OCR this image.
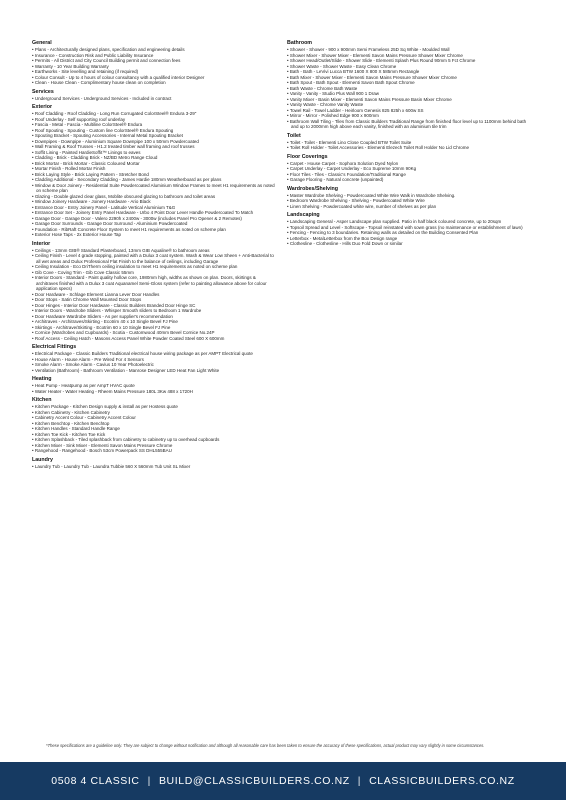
General
• Plans - Architecturally designed plans, specification and engineering details
• Insurance - Construction Risk and Public Liability Insurance
• Permits - All District and City Council Building permit and connection fees
• Warranty - 10 Year Building Warranty
• Earthworks - Site levelling and retaining (if required)
• Colour Consult - Up to 4 hours of colour consultancy with a qualified interior Designer
• Clean - House Clean - Complimentary house clean on completion
Services
• Underground Services - Underground Services - Included in contract
Exterior
• Roof Cladding - Roof Cladding - Long Run Corrugated ColorSteel® Endura 3-29"
• Roof Underlay - Self supporting roof underlay
• Fascia - Metal - Fascia - Multiline ColorSteel® Endura
• Roof Spouting - Spouting - Custom line ColorSteel® Endura Spouting
• Spouting Bracket - Spouting Accessories - Internal Metal Spouting Bracket
• Downpipes - Downpipe - Aluminium Square Downpipe 100 x 50mm Powdercoated
• Wall Framing & Roof Trusses - H1.2 treated timber wall framing and roof trusses
• Soffit Lining - Painted HardieSoffit™ Linings to eaves
• Cladding - Brick - Cladding Brick - NZ/BD Metro Range Cloud
• Brick Mortar - Brick Mortar - Classic Coloured Mortar
• Mortar Finish - Rolled Mortar Finish
• Brick Laying Style - Brick Laying Pattern - Stretcher Bond
• Cladding Additional - Secondary Cladding - James Hardie 180mm Weatherboard as per plans
• Window & Door Joinery - Residential Suite Powdercoated Aluminium Window Frames to meet H1 requirements as noted on scheme plan
• Glazing - Double glazed clear glass, Moblite obscured glazing to bathroom and toilet areas
• Window Joinery Hardware - Joinery Hardware - Ario Black
• Entrance Door - Entry Joinery Panel - Latitude Vertical Aluminium T&G
• Entrance Door Set - Joinery Entry Panel Hardware - Urbo 4 Point Door Lever Handle Powdercoated To Match
• Garage Door - Garage Door - Valero 2290h x 2400w - 3000w (includes Panel Pro Opener & 2 Remotes)
• Garage Door Surrounds - Garage Door Surround - Aluminium Powdercoated
• Foundation - RibRaft Concrete Floor System to meet H1 requirements as noted on scheme plan
• Exterior Hose Taps - 2x Exterior House Tap
Interior
• Ceilings - 13mm GIB® Standard Plasterboard, 13mm GIB Aqualine® to bathroom areas
• Ceiling Finish - Level 4 grade stopping, painted with a Dulux 3 coat system. Wash & Wear Low Sheen + Anti-Bacterial to all wet areas and Dulux Professional Flat Finish to the balance of ceilings, including Garage
• Ceiling Insulation - Eco DriTherm ceiling insulation to meet H1 requirements as noted on scheme plan
• Gib Cove - Coving Trim - Gib Cove Classic 55mm
• Interior Doors - Standard - Paint quality hollow core, 1980mm high, widths as shown on plan. Doors, skirtings & architraves finished with a Dulux 3 coat Aquanamel Semi-Gloss system (refer to painting allowance above for colour application specs)
• Door Hardware - Schlage Element Lianna Lever Door Handles
• Door Stops - Satin Chrome Wall Mounted Door Stops
• Door Hinges - Interior Door Hardware - Classic Builders Branded Door Hinge SC
• Interior Doors - Wardrobe Sliders - Whisper Smooth sliders to Bedroom 1 Wardrobe
• Door Hardware Wardrobe Sliders - As per supplier's recommendation
• Architraves - Architraves/Skirting - Ecotrim 40 x 10 Single Bevel FJ Pine
• Skirtings - Architrave/Skirting - Ecotrim 60 x 10 Single Bevel FJ Pine
• Cornice (Wardrobes and Cupboards) - Scotia - Customwood 40mm Bevel Cornice No.24P
• Roof Access - Ceiling Hatch - Masons Access Panel White Powder Coated Steel 600 X 600mm
Electrical Fittings
• Electrical Package - Classic Builders Traditional electrical house wiring package as per AMPT Electrical quote
• House Alarm - House Alarm - Pre Wired For 4 Sensors
• Smoke Alarm - Smoke Alarm - Cavius 10 Year Photoelectric
• Ventilation (Bathroom) - Bathroom Ventilation - Manrose Designer LED Heat Fan Light White
Heating
• Heat Pump - Heatpump as per AmpT HVAC quote
• Water Heater - Water Heating - Rheem Mains Pressure 180L 3Kw 488 x 1720H
Kitchen
• Kitchen Package - Kitchen Design supply & install as per Hostess quote
• Kitchen Cabinetry - Kitchen Cabinetry
• Cabinetry Accent Colour - Cabinetry Accent Colour
• Kitchen Benchtop - Kitchen Benchtop
• Kitchen Handles - Standard Handle Range
• Kitchen Toe Kick - Kitchen Toe Kick
• Kitchen Splashback - Tiled splashback from cabinetry to cabinetry up to overhead cupboards
• Kitchen Mixer - Sink Mixer - Elementi Savon Mains Pressure Chrome
• Rangehood - Rangehood - Bosch 53cm Powerpack SS DHL555BAU
Laundry
• Laundry Tub - Laundry Tub - Laundra Tubbie 560 X 560mm Tub Unit SL Mixer
Bathroom
• Shower - Shower - 900 x 900mm Semi Frameless 25D Sq White - Moulded Wall
• Shower Mixer - Shower Mixer - Elementi Savon Mains Pressure Shower Mixer Chrome
• Shower Head/Outlet/Slide - Shower Slide - Elementi Splash Plus Round 90mm 5 Fct Chrome
• Shower Waste - Shower Waste - Easy Clean Chrome
• Bath - Bath - LeVivi Lucca BTW 1600 X 800 X 585mm Rectangle
• Bath Mixer - Shower Mixer - Elementi Savon Mains Pressure Shower Mixer Chrome
• Bath Spout - Bath Spout - Elementi Savon Bath Spout Chrome
• Bath Waste - Chrome Bath Waste
• Vanity - Vanity - Studio Plus Wall 900 1 Draw
• Vanity Mixer - Basin Mixer - Elementi Savon Mains Pressure Basin Mixer Chrome
• Vanity Waste - Chrome Vanity Waste
• Towel Rail - Towel Ladder - Heirloom Genesis 825 825h x 600w SS
• Mirror - Mirror - Polished Edge 900 x 900mm
• Bathroom Wall Tiling - Tiles from Classic Builders Traditional Range from finished floor level up to 1100mm behind bath and up to 2000mm high above each vanity, finished with an aluminium tile trim
Toilet
• Toilet - Toilet - Elementi Lino Close Coupled BTW Toilet Suite
• Toilet Roll Holder - Toilet Accessories - Elementi Elezech Toilet Roll Holder No Lid Chrome
Floor Coverings
• Carpet - House Carpet - Sophora Solution Dyed Nylon
• Carpet Underlay - Carpet Underlay - Eco Supreme 10mm 90Kg
• Floor Tiles - Tiles - Classic's Foundation/Traditional Range
• Garage Flooring - Natural concrete (unpainted)
Wardrobes/Shelving
• Master Wardrobe Shelving - Powdercoated White Wire Walk in Wardrobe Shelving.
• Bedroom Wardrobe Shelving - Shelving - Powdercoated White Wire
• Linen Shelving - Powdercoated white wire, number of shelves as per plan
Landscaping
• Landscaping General - Asper Landscape plan supplied. Patio in half black coloured concrete, up to 20sqm
• Topsoil Spread and Level - Softscape - Topsoil reinstated with sown grass (no maintenance or establishment of lawn)
• Fencing - Fencing to 3 boundaries. Retaining walls as detailed on the Building Consented Plan
• Letterbox - MetalLetterbox from the Box Design range
• Clothesline - Clothesline - Hills Duo Fold Down or similar
*These specifications are a guideline only. They are subject to change without notification and although all reasonable care has been taken to ensure the accuracy of these specifications, actual product may vary slightly in some circumstances.
0508 4 CLASSIC | BUILD@CLASSICBUILDERS.CO.NZ | CLASSICBUILDERS.CO.NZ
